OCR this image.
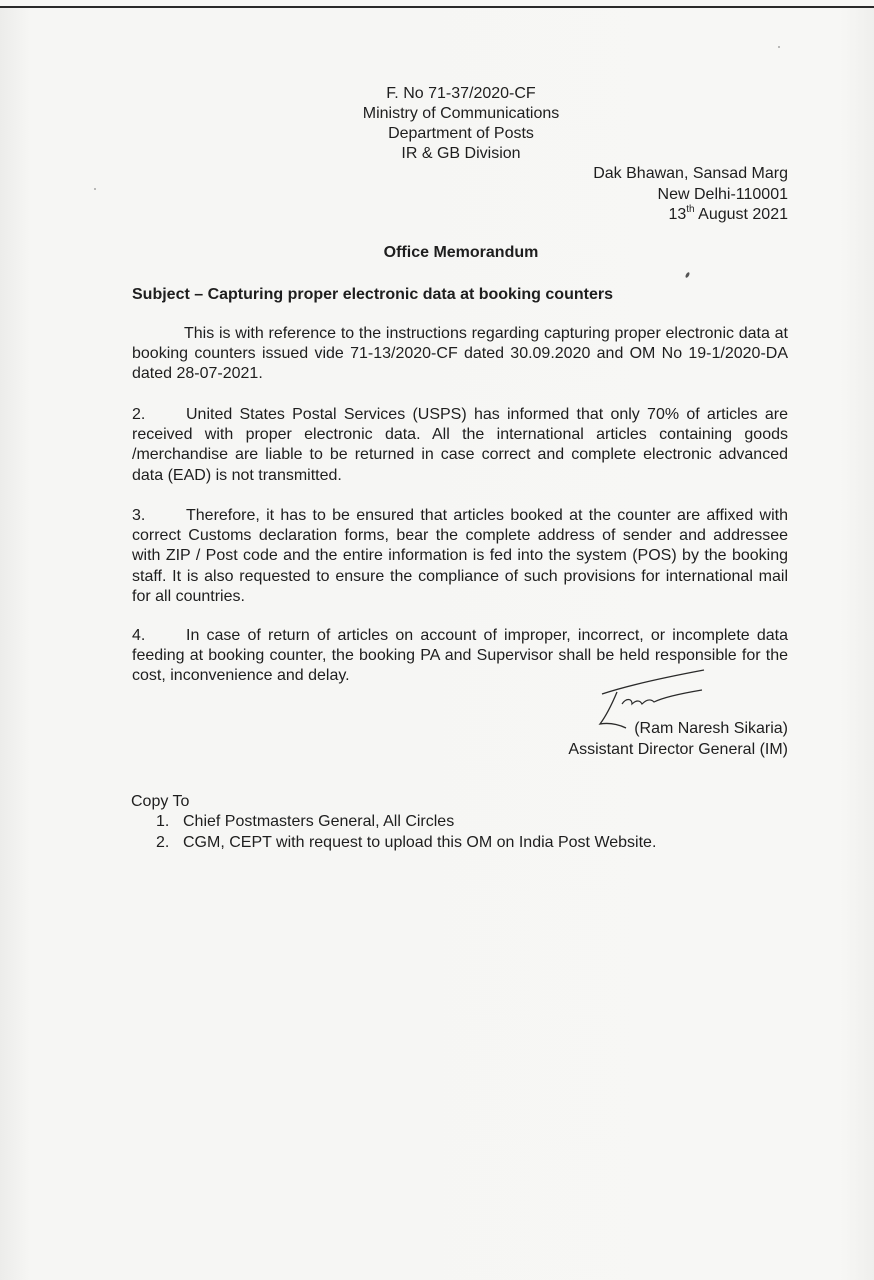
F. No 71-37/2020-CF
Ministry of Communications
Department of Posts
IR & GB Division
Dak Bhawan, Sansad Marg
New Delhi-110001
13th August 2021
Office Memorandum
Subject – Capturing proper electronic data at booking counters
This is with reference to the instructions regarding capturing proper electronic data at booking counters issued vide 71-13/2020-CF dated 30.09.2020 and OM No 19-1/2020-DA dated 28-07-2021.
2.	United States Postal Services (USPS) has informed that only 70% of articles are received with proper electronic data. All the international articles containing goods /merchandise are liable to be returned in case correct and complete electronic advanced data (EAD) is not transmitted.
3.	Therefore, it has to be ensured that articles booked at the counter are affixed with correct Customs declaration forms, bear the complete address of sender and addressee with ZIP / Post code and the entire information is fed into the system (POS) by the booking staff. It is also requested to ensure the compliance of such provisions for international mail for all countries.
4.	In case of return of articles on account of improper, incorrect, or incomplete data feeding at booking counter, the booking PA and Supervisor shall be held responsible for the cost, inconvenience and delay.
(Ram Naresh Sikaria)
Assistant Director General (IM)
Copy To
1. Chief Postmasters General, All Circles
2. CGM, CEPT with request to upload this OM on India Post Website.
